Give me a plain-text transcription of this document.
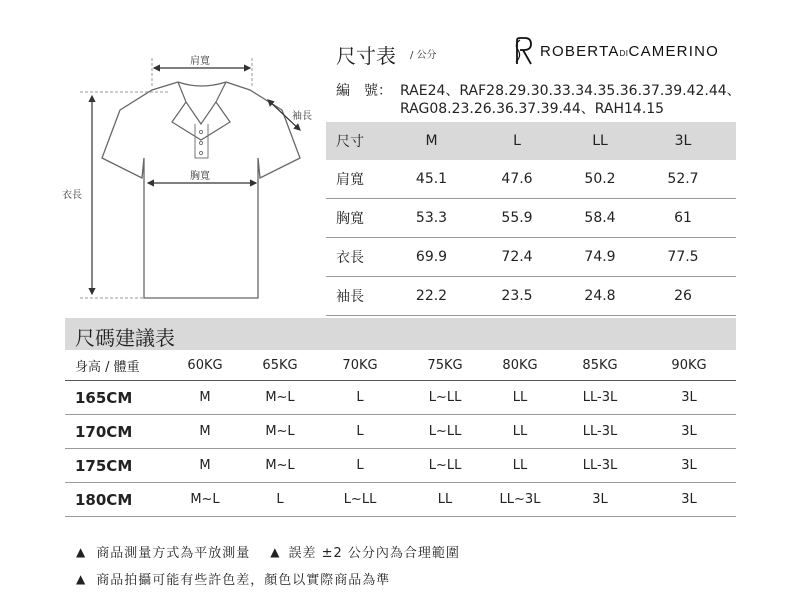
肩寬
胸寬
袖長
衣長
尺寸表 / 公分	ROBERTADICAMERINO
編　號： RAE24、RAF28.29.30.33.34.35.36.37.39.42.44、
RAG08.23.26.36.37.39.44、RAH14.15
尺寸	M	L	LL	3L
肩寬	45.1	47.6	50.2	52.7
胸寬	53.3	55.9	58.4	61
衣長	69.9	72.4	74.9	77.5
袖長	22.2	23.5	24.8	26
尺碼建議表
身高 / 體重	60KG	65KG	70KG	75KG	80KG	85KG	90KG
165CM	M	M~L	L	L~LL	LL	LL-3L	3L
170CM	M	M~L	L	L~LL	LL	LL-3L	3L
175CM	M	M~L	L	L~LL	LL	LL-3L	3L
180CM	M~L	L	L~LL	LL	LL~3L	3L	3L
▲ 商品測量方式為平放測量 ▲ 誤差 ±2 公分內為合理範圍
▲ 商品拍攝可能有些許色差，顏色以實際商品為準
